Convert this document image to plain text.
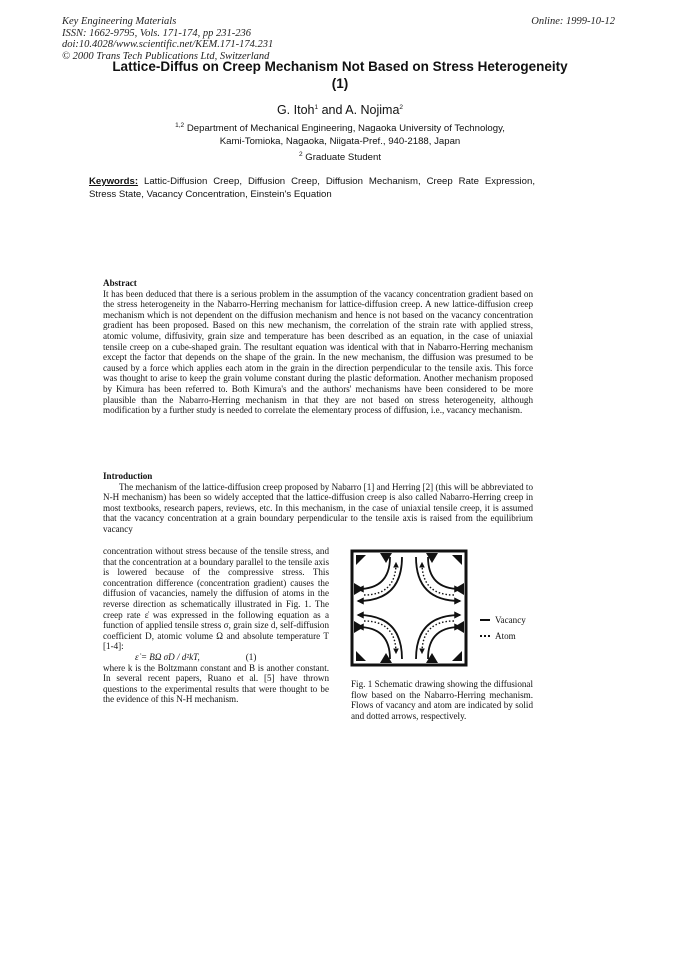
Key Engineering Materials
ISSN: 1662-9795, Vols. 171-174, pp 231-236
doi:10.4028/www.scientific.net/KEM.171-174.231
© 2000 Trans Tech Publications Ltd, Switzerland
Online: 1999-10-12
Lattice-Diffus on Creep Mechanism Not Based on Stress Heterogeneity
(1)
G. Itoh$^1$ and A. Nojima$^2$
$^{1,2}$ Department of Mechanical Engineering, Nagaoka University of Technology,
Kami-Tomioka, Nagaoka, Niigata-Pref., 940-2188, Japan
$^2$ Graduate Student
Keywords: Lattic-Diffusion Creep, Diffusion Creep, Diffusion Mechanism, Creep Rate Expression, Stress State, Vacancy Concentration, Einstein's Equation
Abstract
It has been deduced that there is a serious problem in the assumption of the vacancy concentration gradient based on the stress heterogeneity in the Nabarro-Herring mechanism for lattice-diffusion creep. A new lattice-diffusion creep mechanism which is not dependent on the diffusion mechanism and hence is not based on the vacancy concentration gradient has been proposed. Based on this new mechanism, the correlation of the strain rate with applied stress, atomic volume, diffusivity, grain size and temperature has been described as an equation, in the case of uniaxial tensile creep on a cube-shaped grain. The resultant equation was identical with that in Nabarro-Herring mechanism except the factor that depends on the shape of the grain. In the new mechanism, the diffusion was presumed to be caused by a force which applies each atom in the grain in the direction perpendicular to the tensile axis. This force was thought to arise to keep the grain volume constant during the plastic deformation. Another mechanism proposed by Kimura has been referred to. Both Kimura's and the authors' mechanisms have been considered to be more plausible than the Nabarro-Herring mechanism in that they are not based on stress heterogeneity, although modification by a further study is needed to correlate the elementary process of diffusion, i.e., vacancy mechanism.
Introduction

The mechanism of the lattice-diffusion creep proposed by Nabarro [1] and Herring [2] (this will be abbreviated to N-H mechanism) has been so widely accepted that the lattice-diffusion creep is also called Nabarro-Herring creep in most textbooks, research papers, reviews, etc. In this mechanism, in the case of uniaxial tensile creep, it is assumed that the vacancy concentration at a grain boundary perpendicular to the tensile axis is raised from the equilibrium vacancy

concentration without stress because of the tensile stress, and that the concentration at a boundary parallel to the tensile axis is lowered because of the compressive stress. This concentration difference (concentration gradient) causes the diffusion of vacancies, namely the diffusion of atoms in the reverse direction as schematically illustrated in Fig. 1. The creep rate ε̇ was expressed in the following equation as a function of applied tensile stress σ, grain size d, self-diffusion coefficient D, atomic volume Ω and absolute temperature T [1-4]:

ε̇ = BΩ σD / d²kT,	(1)

where k is the Boltzmann constant and B is another constant. In several recent papers, Ruano et al. [5] have thrown questions to the experimental results that were thought to be the evidence of this N-H mechanism.

Vacancy
Atom
Fig. 1 Schematic drawing showing the diffusional flow based on the Nabarro-Herring mechanism. Flows of vacancy and atom are indicated by solid and dotted arrows, respectively.
